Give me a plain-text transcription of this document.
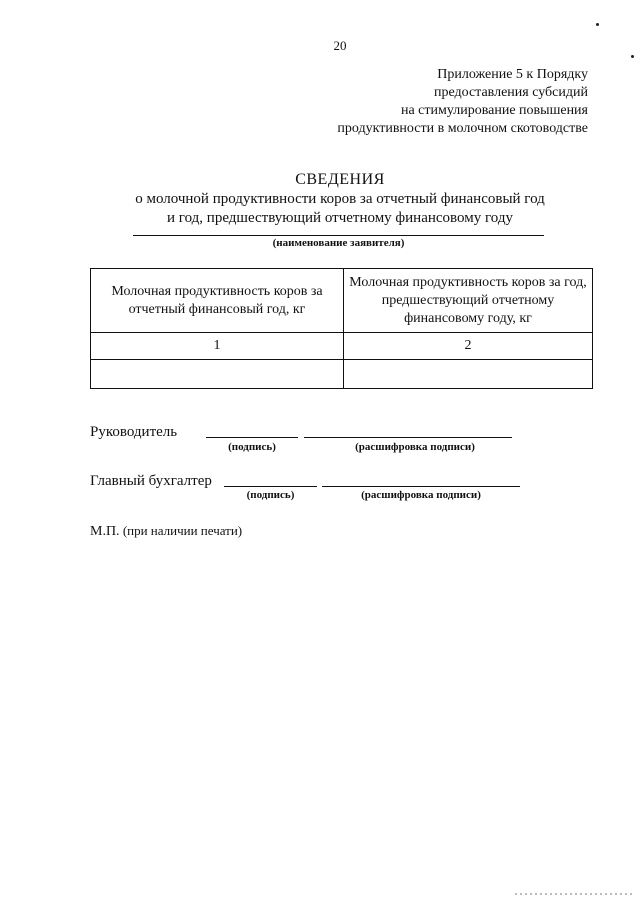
20
Приложение 5 к Порядку
предоставления субсидий
на стимулирование повышения
продуктивности в молочном скотоводстве
СВЕДЕНИЯ
о молочной продуктивности коров за отчетный финансовый год
и год, предшествующий отчетному финансовому году
(наименование заявителя)
Молочная продуктивность коров за отчетный финансовый год, кг	Молочная продуктивность коров за год, предшествующий отчетному финансовому году, кг
1	2

Руководитель
(подпись)	(расшифровка подписи)
Главный бухгалтер
(подпись)	(расшифровка подписи)
М.П. (при наличии печати)
